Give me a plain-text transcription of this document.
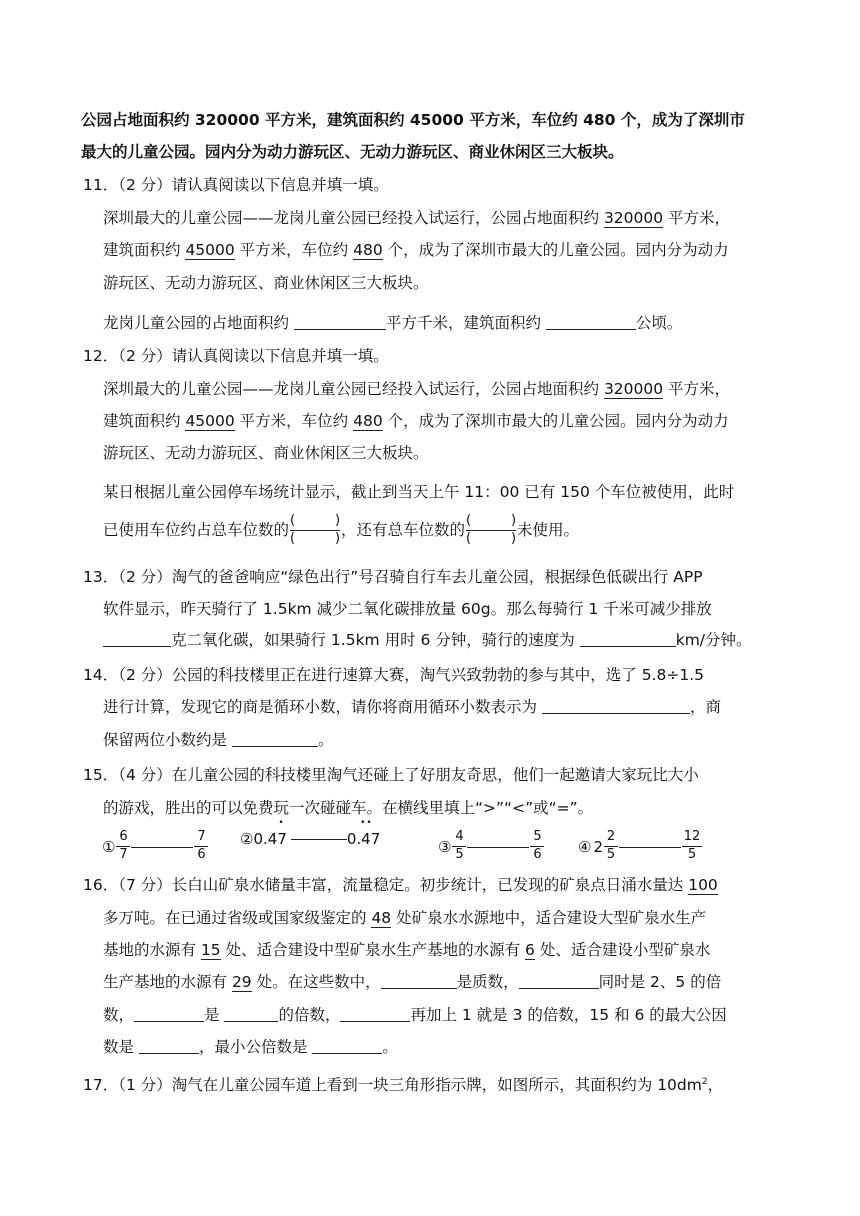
公园占地面积约 320000 平方米，建筑面积约 45000 平方米，车位约 480 个，成为了深圳市
最大的儿童公园。园内分为动力游玩区、无动力游玩区、商业休闲区三大板块。
11．（2 分）请认真阅读以下信息并填一填。
深圳最大的儿童公园——龙岗儿童公园已经投入试运行，公园占地面积约 320000 平方米，
建筑面积约 45000 平方米，车位约 480 个，成为了深圳市最大的儿童公园。园内分为动力
游玩区、无动力游玩区、商业休闲区三大板块。
龙岗儿童公园的占地面积约	平方千米，建筑面积约	公顷。
12．（2 分）请认真阅读以下信息并填一填。
深圳最大的儿童公园——龙岗儿童公园已经投入试运行，公园占地面积约 320000 平方米，
建筑面积约 45000 平方米，车位约 480 个，成为了深圳市最大的儿童公园。园内分为动力
游玩区、无动力游玩区、商业休闲区三大板块。
某日根据儿童公园停车场统计显示，截止到当天上午 11：00 已有 150 个车位被使用，此时
已使用车位约占总车位数的 (	)
(	) ，还有总车位数的 (	)
(	) 未使用。
13．（2 分）淘气的爸爸响应“绿色出行”号召骑自行车去儿童公园，根据绿色低碳出行 APP
软件显示，昨天骑行了 1.5km 减少二氧化碳排放量 60g。那么每骑行 1 千米可减少排放
克二氧化碳，如果骑行 1.5km 用时 6 分钟，骑行的速度为	km/分钟。
14．（2 分）公园的科技楼里正在进行速算大赛，淘气兴致勃勃的参与其中，选了 5.8÷1.5
进行计算，发现它的商是循环小数，请你将商用循环小数表示为	，商
保留两位小数约是	。
15．（4 分）在儿童公园的科技楼里淘气还碰上了好朋友奇思，他们一起邀请大家玩比大小
的游戏，胜出的可以免费玩一次碰碰车。在横线里填上“>”“<”或“=”。
① $\frac{6}{7}$	$\frac{7}{6}$ ② 0.4 • 7	0. • • 47	③ $\frac{4}{5}$	$\frac{5}{6}$ ④ $2 \frac{2}{5}$	$\frac{12}{5}$
16．（7 分）长白山矿泉水储量丰富，流量稳定。初步统计，已发现的矿泉点日涌水量达 100
多万吨。在已通过省级或国家级鉴定的 48 处矿泉水水源地中，适合建设大型矿泉水生产
基地的水源有 15 处、适合建设中型矿泉水生产基地的水源有 6 处、适合建设小型矿泉水
生产基地的水源有 29 处。在这些数中，	是质数，	同时是 2、5 的倍
数，	是	的倍数，	再加上 1 就是 3 的倍数，15 和 6 的最大公因
数是	，最小公倍数是	。
17．（1 分）淘气在儿童公园车道上看到一块三角形指示牌，如图所示，其面积约为 $10dm^2$，
